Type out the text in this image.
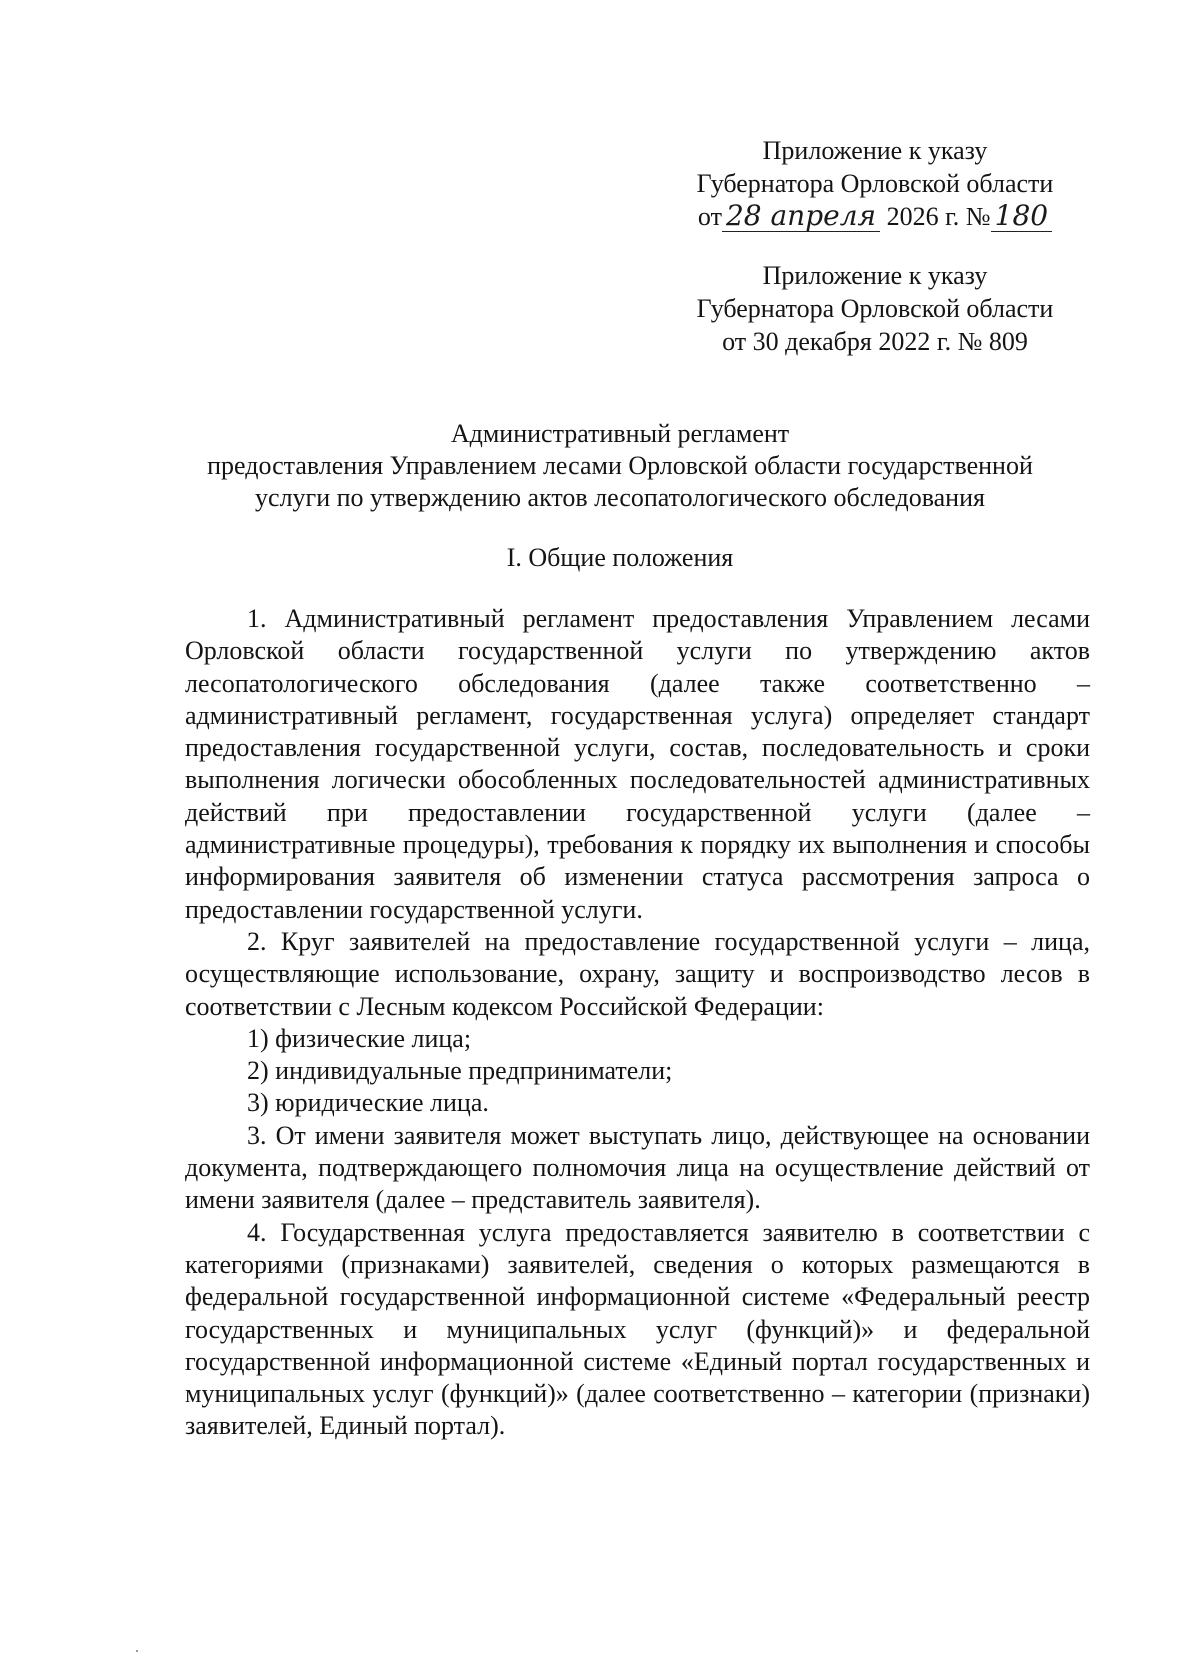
Приложение к указу

Губернатора Орловской области

от 28 апреля 2026 г. № 180

Приложение к указу

Губернатора Орловской области

от 30 декабря 2022 г. № 809

Административный регламент

предоставления Управлением лесами Орловской области государственной

услуги по утверждению актов лесопатологического обследования

I. Общие положения

1. Административный регламент предоставления Управлением лесами Орловской области государственной услуги по утверждению актов лесопатологического обследования (далее также соответственно – административный регламент, государственная услуга) определяет стандарт предоставления государственной услуги, состав, последовательность и сроки выполнения логически обособленных последовательностей административных действий при предоставлении государственной услуги (далее – административные процедуры), требования к порядку их выполнения и способы информирования заявителя об изменении статуса рассмотрения запроса о предоставлении государственной услуги.

2. Круг заявителей на предоставление государственной услуги – лица, осуществляющие использование, охрану, защиту и воспроизводство лесов в соответствии с Лесным кодексом Российской Федерации:

1) физические лица;

2) индивидуальные предприниматели;

3) юридические лица.

3. От имени заявителя может выступать лицо, действующее на основании документа, подтверждающего полномочия лица на осуществление действий от имени заявителя (далее – представитель заявителя).

4. Государственная услуга предоставляется заявителю в соответствии с категориями (признаками) заявителей, сведения о которых размещаются в федеральной государственной информационной системе «Федеральный реестр государственных и муниципальных услуг (функций)» и федеральной государственной информационной системе «Единый портал государственных и муниципальных услуг (функций)» (далее соответственно – категории (признаки) заявителей, Единый портал).
